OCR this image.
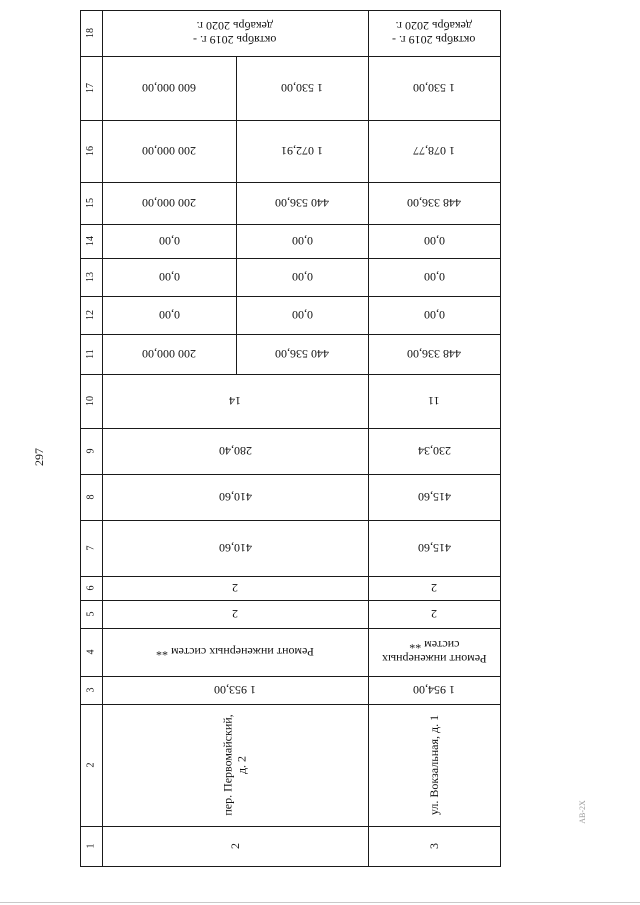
297
1
2
3
4
5
6
7
8
9
10
11
12
13
14
15
16
17
18
2
пер. Первомайский,
д. 2
1 953,00
Ремонт инженерных систем **
2
2
410,60
410,60
280,40
14
440 536,00
200 000,00
0,00
0,00
0,00
0,00
0,00
0,00
440 536,00
200 000,00
1 072,91
200 000,00
1 530,00
600 000,00
октябрь 2019 г. -
декабрь 2020 г.
3
ул. Вокзальная, д. 1
1 954,00
Ремонт инженерных
систем **
2
2
415,60
415,60
230,34
11
448 336,00
0,00
0,00
0,00
448 336,00
1 078,77
1 530,00
октябрь 2019 г. -
декабрь 2020 г.
AB-2X
